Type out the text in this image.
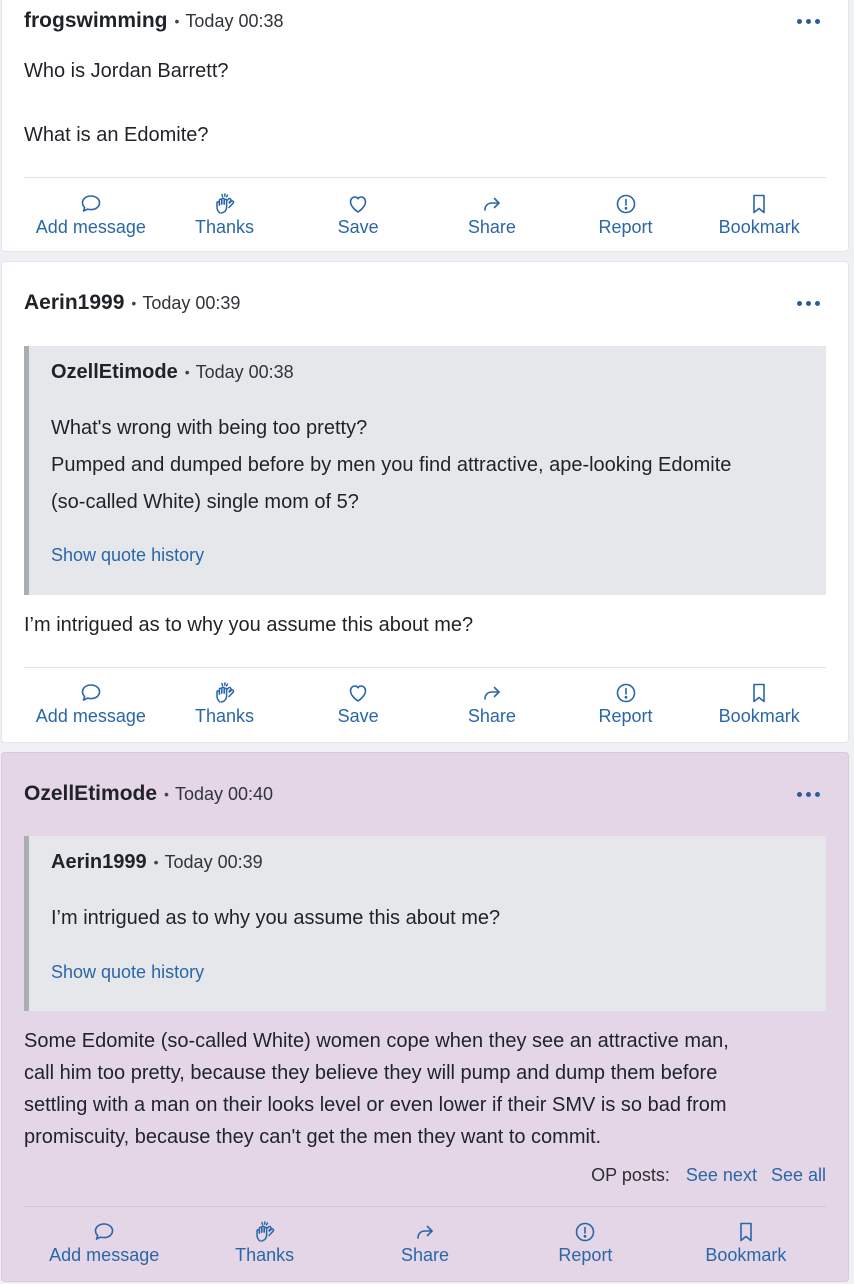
frogswimming • Today 00:38
Who is Jordan Barrett?
What is an Edomite?
Add message	Thanks	Save	Share	Report	Bookmark
Aerin1999 • Today 00:39
OzellEtimode • Today 00:38
What's wrong with being too pretty?
Pumped and dumped before by men you find attractive, ape-looking Edomite
(so-called White) single mom of 5?
Show quote history
I’m intrigued as to why you assume this about me?
Add message	Thanks	Save	Share	Report	Bookmark
OzellEtimode • Today 00:40
Aerin1999 • Today 00:39
I’m intrigued as to why you assume this about me?
Show quote history
Some Edomite (so-called White) women cope when they see an attractive man,
call him too pretty, because they believe they will pump and dump them before
settling with a man on their looks level or even lower if their SMV is so bad from
promiscuity, because they can't get the men they want to commit.
OP posts: See next See all
Add message	Thanks	Share	Report	Bookmark
